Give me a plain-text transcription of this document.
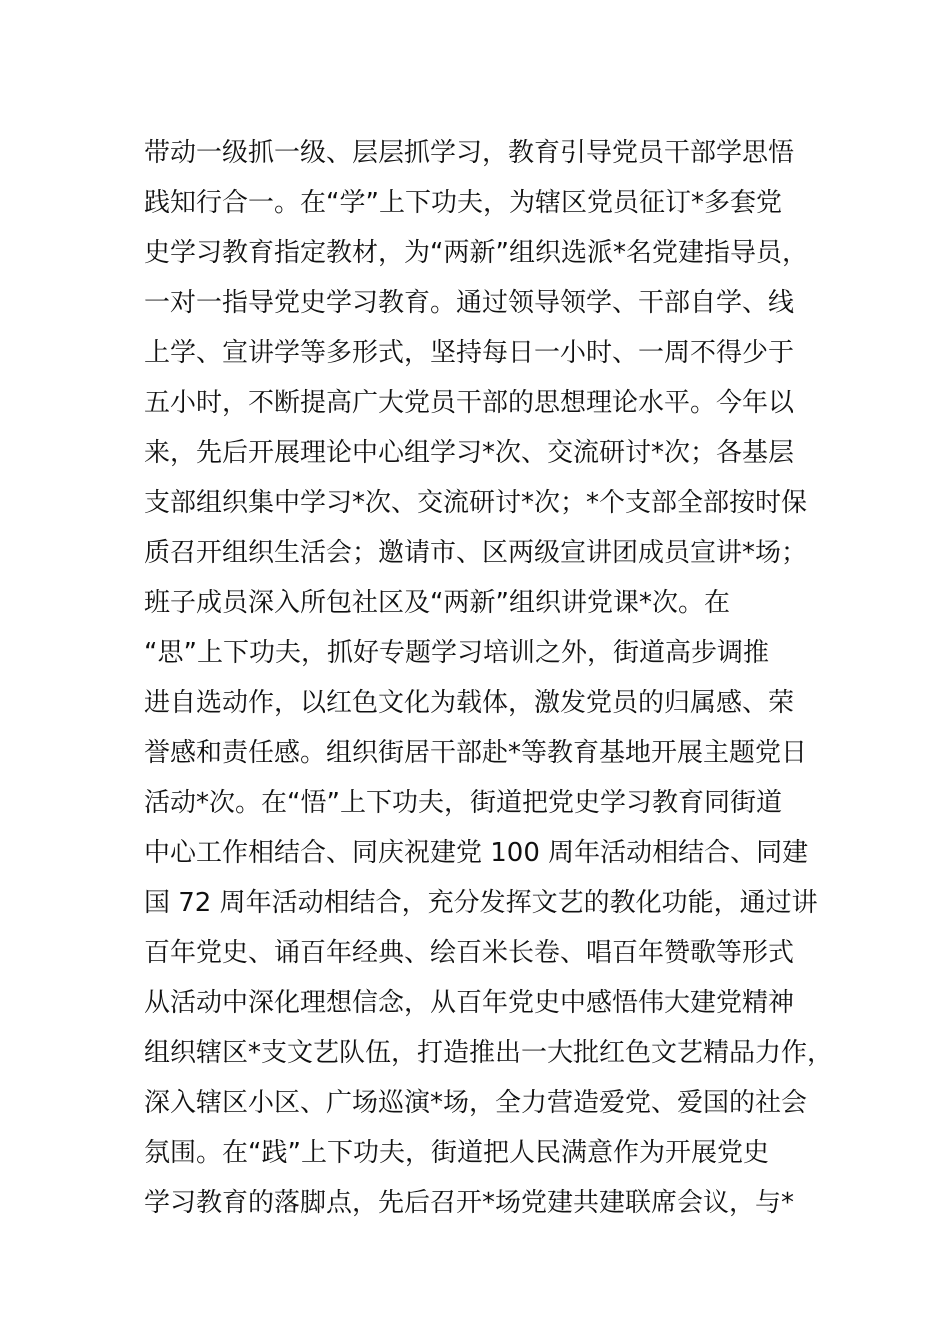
带动一级抓一级、层层抓学习，教育引导党员干部学思悟
践知行合一。在“学”上下功夫，为辖区党员征订*多套党
史学习教育指定教材，为“两新”组织选派*名党建指导员，
一对一指导党史学习教育。通过领导领学、干部自学、线
上学、宣讲学等多形式，坚持每日一小时、一周不得少于
五小时，不断提高广大党员干部的思想理论水平。今年以
来，先后开展理论中心组学习*次、交流研讨*次；各基层
支部组织集中学习*次、交流研讨*次；*个支部全部按时保
质召开组织生活会；邀请市、区两级宣讲团成员宣讲*场；
班子成员深入所包社区及“两新”组织讲党课*次。在
“思”上下功夫，抓好专题学习培训之外，街道高步调推
进自选动作，以红色文化为载体，激发党员的归属感、荣
誉感和责任感。组织街居干部赴*等教育基地开展主题党日
活动*次。在“悟”上下功夫，街道把党史学习教育同街道
中心工作相结合、同庆祝建党 100 周年活动相结合、同建
国 72 周年活动相结合，充分发挥文艺的教化功能，通过讲
百年党史、诵百年经典、绘百米长卷、唱百年赞歌等形式
从活动中深化理想信念，从百年党史中感悟伟大建党精神
组织辖区*支文艺队伍，打造推出一大批红色文艺精品力作，
深入辖区小区、广场巡演*场，全力营造爱党、爱国的社会
氛围。在“践”上下功夫，街道把人民满意作为开展党史
学习教育的落脚点，先后召开*场党建共建联席会议，与*
